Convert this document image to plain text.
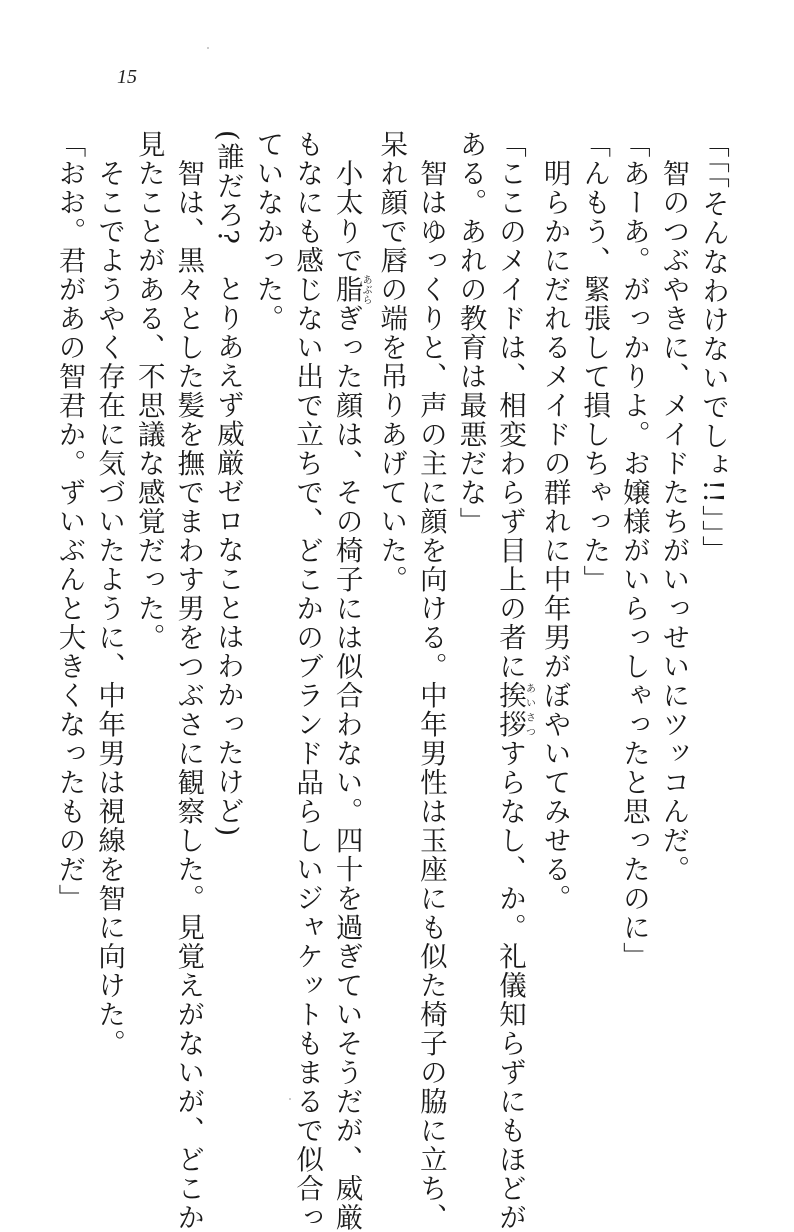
15
「「「そんなわけないでしょ!!」」」
　智のつぶやきに、メイドたちがいっせいにツッコんだ。
「あーあ。がっかりよ。お嬢様がいらっしゃったと思ったのに」
「んもう、緊張して損しちゃった」
　明らかにだれるメイドの群れに中年男がぼやいてみせる。
「ここのメイドは、相変わらず目上の者に挨拶あいさつすらなし、か。礼儀知らずにもほどが
ある。あれの教育は最悪だな」
　智はゆっくりと、声の主に顔を向ける。中年男性は玉座にも似た椅子の脇に立ち、
呆れ顔で唇の端を吊りあげていた。
　小太りで脂あぶらぎった顔は、その椅子には似合わない。四十を過ぎていそうだが、威厳
もなにも感じない出で立ちで、どこかのブランド品らしいジャケットもまるで似合っ
ていなかった。
(誰だろ?　とりあえず威厳ゼロなことはわかったけど)
　智は、黒々とした髪を撫でまわす男をつぶさに観察した。見覚えがないが、どこか
見たことがある、不思議な感覚だった。
　そこでようやく存在に気づいたように、中年男は視線を智に向けた。
「おお。君があの智君か。ずいぶんと大きくなったものだ」
